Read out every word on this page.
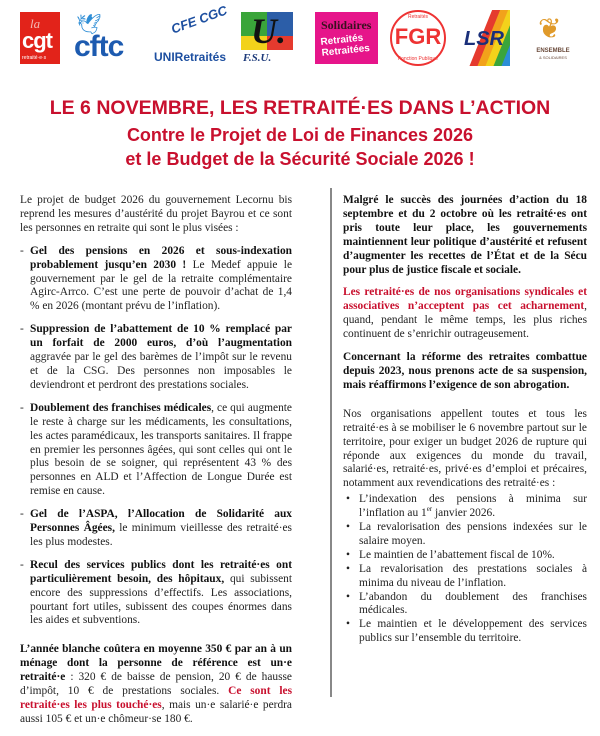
la
cgt
retraité·e·s
🕊
cftc
CFE CGC
UNIRetraités
U.
F.S.U.
Solidaires
Retraités Retraitées
Retraités
FGR
Fonction Publique
LSR ❦
ENSEMBLE
& SOLIDAIRES
LE 6 NOVEMBRE, LES RETRAITÉ·ES DANS L’ACTION
Contre le Projet de Loi de Finances 2026
et le Budget de la Sécurité Sociale 2026 !

Le projet de budget 2026 du gouvernement Lecornu bis reprend les mesures d’austérité du projet Bayrou et ce sont les personnes en retraite qui sont le plus visées :

- Gel des pensions en 2026 et sous-indexation probablement jusqu’en 2030 ! Le Medef appuie le gouvernement par le gel de la retraite complémentaire Agirc-Arrco. C’est une perte de pouvoir d’achat de 1,4 % en 2026 (montant prévu de l’inflation).
- Suppression de l’abattement de 10 % remplacé par un forfait de 2000 euros, d’où l’augmentation aggravée par le gel des barèmes de l’impôt sur le revenu et de la CSG. Des personnes non imposables le deviendront et perdront des prestations sociales.
- Doublement des franchises médicales, ce qui augmente le reste à charge sur les médicaments, les consultations, les actes paramédicaux, les transports sanitaires. Il frappe en premier les personnes âgées, qui sont celles qui ont le plus besoin de se soigner, qui représentent 43 % des personnes en ALD et l’Affection de Longue Durée est remise en cause.
- Gel de l’ASPA, l’Allocation de Solidarité aux Personnes Âgées, le minimum vieillesse des retraité·es les plus modestes.
- Recul des services publics dont les retraité·es ont particulièrement besoin, des hôpitaux, qui subissent encore des suppressions d’effectifs. Les associations, pourtant fort utiles, subissent des coupes énormes dans les aides et subventions.

L’année blanche coûtera en moyenne 350 € par an à un ménage dont la personne de référence est un·e retraité·e : 320 € de baisse de pension, 20 € de hausse d’impôt, 10 € de prestations sociales. Ce sont les retraité·es les plus touché·es, mais un·e salarié·e perdra aussi 105 € et un·e chômeur·se 180 €.

Malgré le succès des journées d’action du 18 septembre et du 2 octobre où les retraité·es ont pris toute leur place, les gouvernements maintiennent leur politique d’austérité et refusent d’augmenter les recettes de l’État et de la Sécu pour plus de justice fiscale et sociale.

Les retraité·es de nos organisations syndicales et associatives n’acceptent pas cet acharnement, quand, pendant le même temps, les plus riches continuent de s’enrichir outrageusement.

Concernant la réforme des retraites combattue depuis 2023, nous prenons acte de sa suspension, mais réaffirmons l’exigence de son abrogation.

Nos organisations appellent toutes et tous les retraité·es à se mobiliser le 6 novembre partout sur le territoire, pour exiger un budget 2026 de rupture qui réponde aux exigences du monde du travail, salarié·es, retraité·es, privé·es d’emploi et précaires, notamment aux revendications des retraité·es :

• L’indexation des pensions à minima sur l’inflation au 1er janvier 2026.
• La revalorisation des pensions indexées sur le salaire moyen.
• Le maintien de l’abattement fiscal de 10%.
• La revalorisation des prestations sociales à minima du niveau de l’inflation.
• L’abandon du doublement des franchises médicales.
• Le maintien et le développement des services publics sur l’ensemble du territoire.
